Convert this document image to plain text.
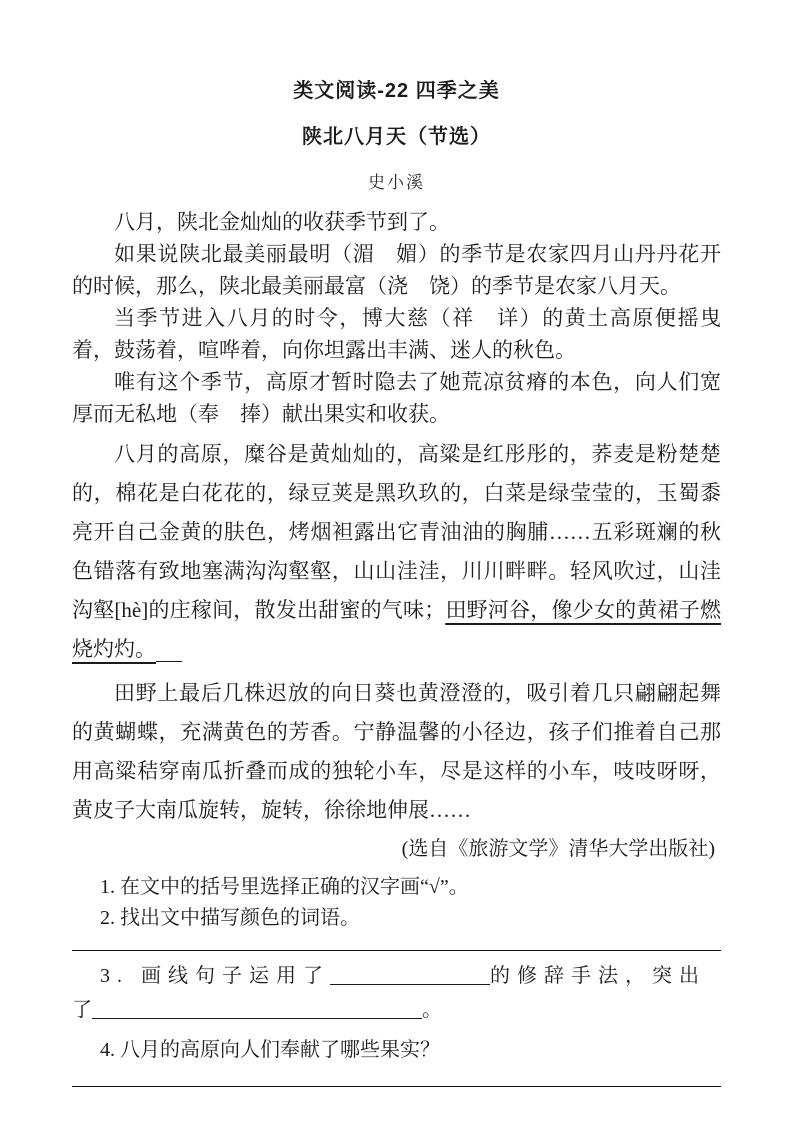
类文阅读-22 四季之美
陕北八月天（节选）
史小溪

八月，陕北金灿灿的收获季节到了。

如果说陕北最美丽最明（湄　媚）的季节是农家四月山丹丹花开的时候，那么，陕北最美丽最富（浇　饶）的季节是农家八月天。

当季节进入八月的时令，博大慈（祥　详）的黄土高原便摇曳着，鼓荡着，喧哗着，向你坦露出丰满、迷人的秋色。

唯有这个季节，高原才暂时隐去了她荒凉贫瘠的本色，向人们宽厚而无私地（奉　捧）献出果实和收获。

八月的高原，糜谷是黄灿灿的，高粱是红彤彤的，荞麦是粉楚楚的，棉花是白花花的，绿豆荚是黑玖玖的，白菜是绿莹莹的，玉蜀黍亮开自己金黄的肤色，烤烟袒露出它青油油的胸脯……五彩斑斓的秋色错落有致地塞满沟沟壑壑，山山洼洼，川川畔畔。轻风吹过，山洼沟壑[hè]的庄稼间，散发出甜蜜的气味；田野河谷，像少女的黄裙子燃烧灼灼。

田野上最后几株迟放的向日葵也黄澄澄的，吸引着几只翩翩起舞的黄蝴蝶，充满黄色的芳香。宁静温馨的小径边，孩子们推着自己那用高粱秸穿南瓜折叠而成的独轮小车，尽是这样的小车，吱吱呀呀，黄皮子大南瓜旋转，旋转，徐徐地伸展……

(选自《旅游文学》清华大学出版社)

1. 在文中的括号里选择正确的汉字画“√”。

2. 找出文中描写颜色的词语。

3. 画线句子运用了	的修辞手法，突出
了	。

4. 八月的高原向人们奉献了哪些果实？
